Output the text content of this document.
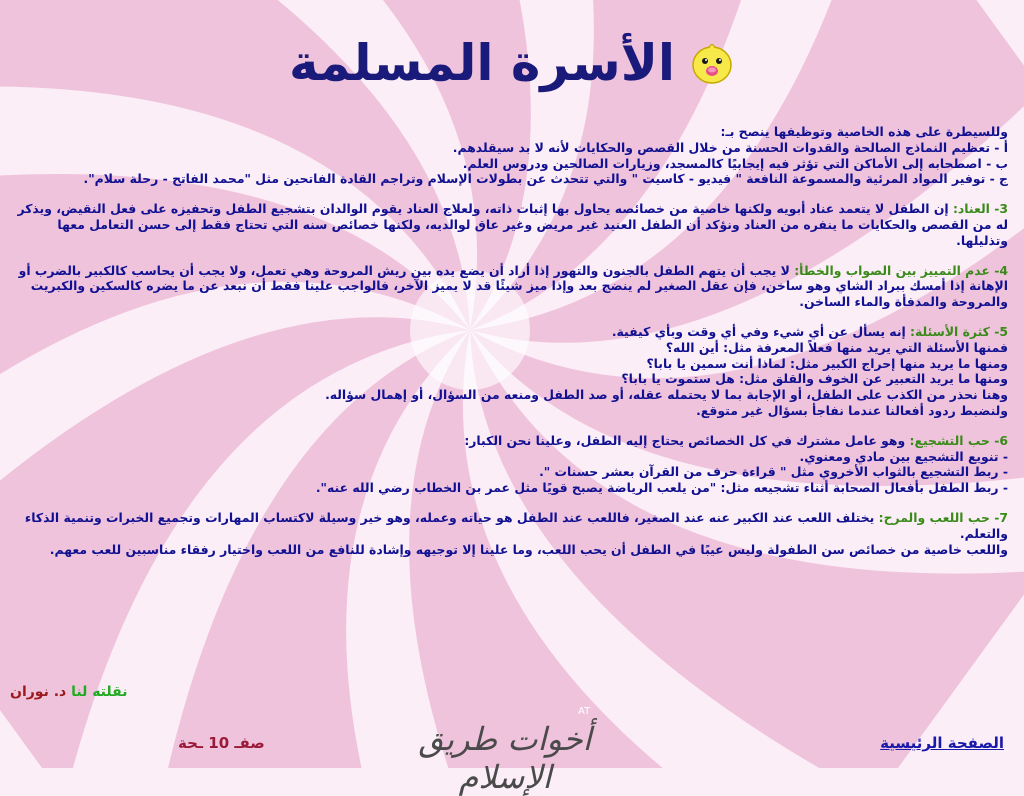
الأسرة المسلمة

وللسيطرة على هذه الخاصية وتوظيفها ينصح بـ:

أ - تعظيم النماذج الصالحة والقدوات الحسنة من خلال القصص والحكايات لأنه لا بد سيقلدهم.

ب - اصطحابه إلى الأماكن التي تؤثر فيه إيجابيًا كالمسجد، وزيارات الصالحين ودروس العلم.

ج - توفير المواد المرئية والمسموعة النافعة " فيديو - كاسيت " والتي تتحدث عن بطولات الإسلام وتراجم القادة الفاتحين مثل "محمد الفاتح - رحلة سلام".

3- العناد: إن الطفل لا يتعمد عناد أبويه ولكنها خاصية من خصائصه يحاول بها إثبات ذاته، ولعلاج العناد يقوم الوالدان بتشجيع الطفل وتحفيزه على فعل النقيض، ويذكر له من القصص والحكايات ما ينفره من العناد ونؤكد أن الطفل العنيد غير مريض وغير عاق لوالديه، ولكنها خصائص سنه التي تحتاج فقط إلى حسن التعامل معها وتذليلها.

4- عدم التمييز بين الصواب والخطأ: لا يجب أن يتهم الطفل بالجنون والتهور إذا أراد أن يضع يده بين ريش المروحة وهي تعمل، ولا يجب أن يحاسب كالكبير بالضرب أو الإهانة إذا أمسك ببراد الشاي وهو ساخن، فإن عقل الصغير لم ينضج بعد وإذا ميز شيئًا قد لا يميز الآخر، فالواجب علينا فقط أن نبعد عن ما يضره كالسكين والكبريت والمروحة والمدفأة والماء الساخن.

5- كثرة الأسئلة: إنه يسأل عن أي شيء وفي أي وقت وبأي كيفية.

فمنها الأسئلة التي يريد منها فعلاً المعرفة مثل: أين الله؟

ومنها ما يريد منها إحراج الكبير مثل: لماذا أنت سمين يا بابا؟

ومنها ما يريد التعبير عن الخوف والقلق مثل: هل ستموت يا بابا؟

وهنا نحذر من الكذب على الطفل، أو الإجابة بما لا يحتمله عقله، أو صد الطفل ومنعه من السؤال، أو إهمال سؤاله.

ولنضبط ردود أفعالنا عندما نفاجأ بسؤال غير متوقع.

6- حب التشجيع: وهو عامل مشترك في كل الخصائص يحتاج إليه الطفل، وعلينا نحن الكبار:

- تنويع التشجيع بين مادي ومعنوي.

- ربط التشجيع بالثواب الأخروي مثل " قراءة حرف من القرآن بعشر حسنات ".

- ربط الطفل بأفعال الصحابة أثناء تشجيعه مثل: "من يلعب الرياضة يصبح قويًا مثل عمر بن الخطاب رضي الله عنه".

7- حب اللعب والمرح: يختلف اللعب عند الكبير عنه عند الصغير، فاللعب عند الطفل هو حياته وعمله، وهو خير وسيلة لاكتساب المهارات وتجميع الخبرات وتنمية الذكاء والتعلم.

واللعب خاصية من خصائص سن الطفولة وليس عيبًا في الطفل أن يحب اللعب، وما علينا إلا توجيهه وإشادة للنافع من اللعب واختيار رفقاء مناسبين للعب معهم.

نقلته لنا د. نوران
أخوات طريق الإسلام
AT
صفـ 10 ـحة	الصفحة الرئيسية
